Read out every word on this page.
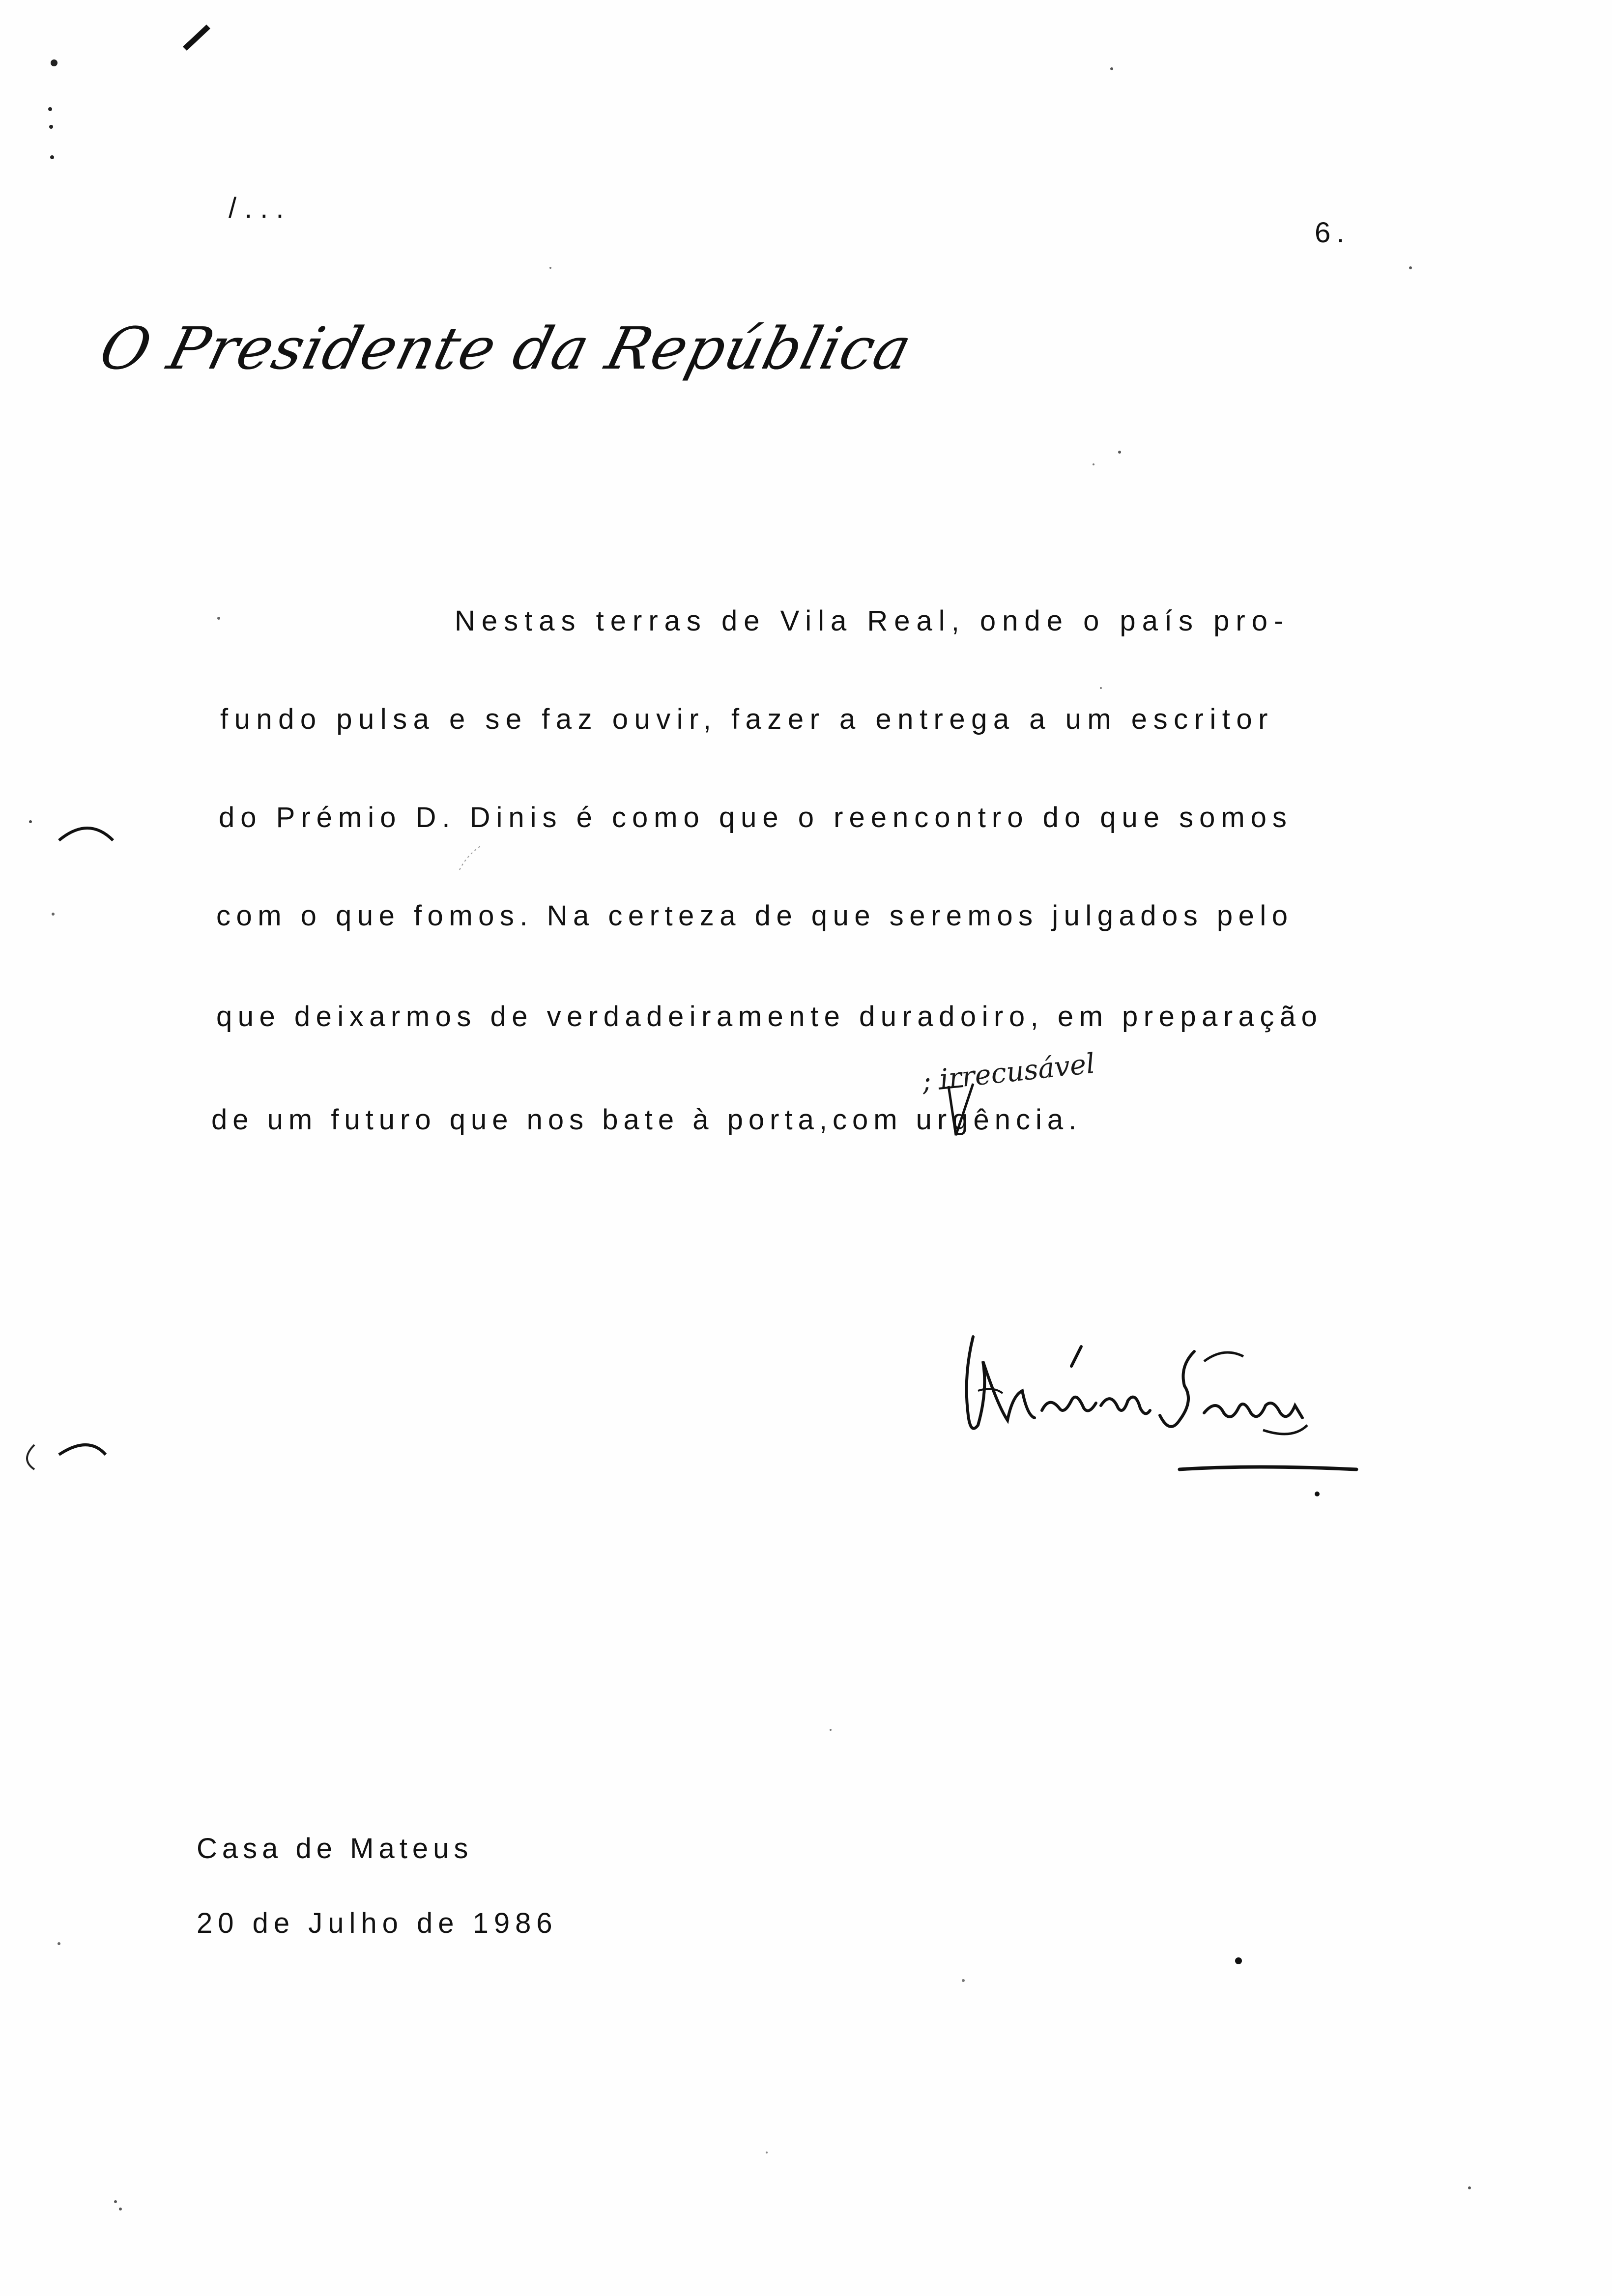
/...
6.
O Presidente da República
Nestas terras de Vila Real, onde o país pro-
fundo pulsa e se faz ouvir, fazer a entrega a um escritor
do Prémio D. Dinis é como que o reencontro do que somos
com o que fomos. Na certeza de que seremos julgados pelo
que deixarmos de verdadeiramente duradoiro, em preparação
de um futuro que nos bate à porta,com urgência.
; irrecusável
Casa de Mateus
20 de Julho de 1986
